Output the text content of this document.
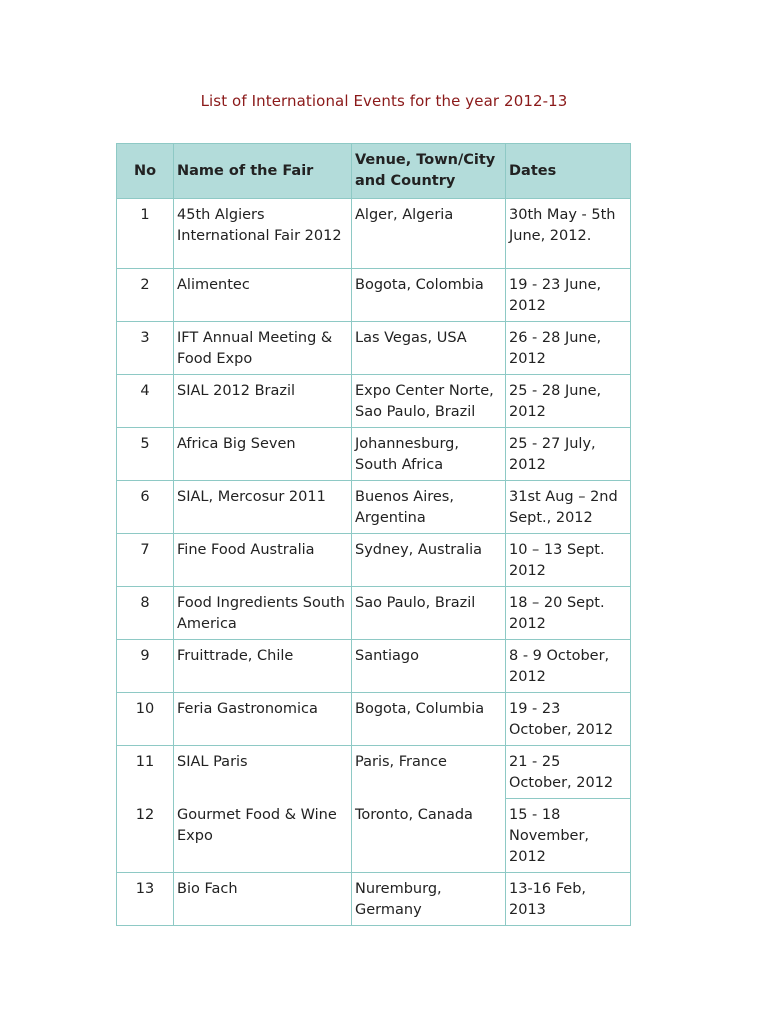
List of International Events for the year 2012-13
No	Name of the Fair	Venue, Town/City and Country	Dates
1	45th Algiers International Fair 2012	Alger, Algeria	30th May - 5th June, 2012.
2	Alimentec	Bogota, Colombia	19 - 23 June, 2012
3	IFT Annual Meeting & Food Expo	Las Vegas, USA	26 - 28 June, 2012
4	SIAL 2012 Brazil	Expo Center Norte, Sao Paulo, Brazil	25 - 28 June, 2012
5	Africa Big Seven	Johannesburg, South Africa	25 - 27 July, 2012
6	SIAL, Mercosur 2011	Buenos Aires, Argentina	31st Aug – 2nd Sept., 2012
7	Fine Food Australia	Sydney, Australia	10 – 13 Sept. 2012
8	Food Ingredients South America	Sao Paulo, Brazil	18 – 20 Sept. 2012
9	Fruittrade, Chile	Santiago	8 - 9 October, 2012
10	Feria Gastronomica	Bogota, Columbia	19 - 23 October, 2012
11	SIAL Paris	Paris, France	21 - 25 October, 2012
12	Gourmet Food & Wine Expo	Toronto, Canada	15 - 18 November, 2012
13	Bio Fach	Nuremburg, Germany	13-16 Feb, 2013
